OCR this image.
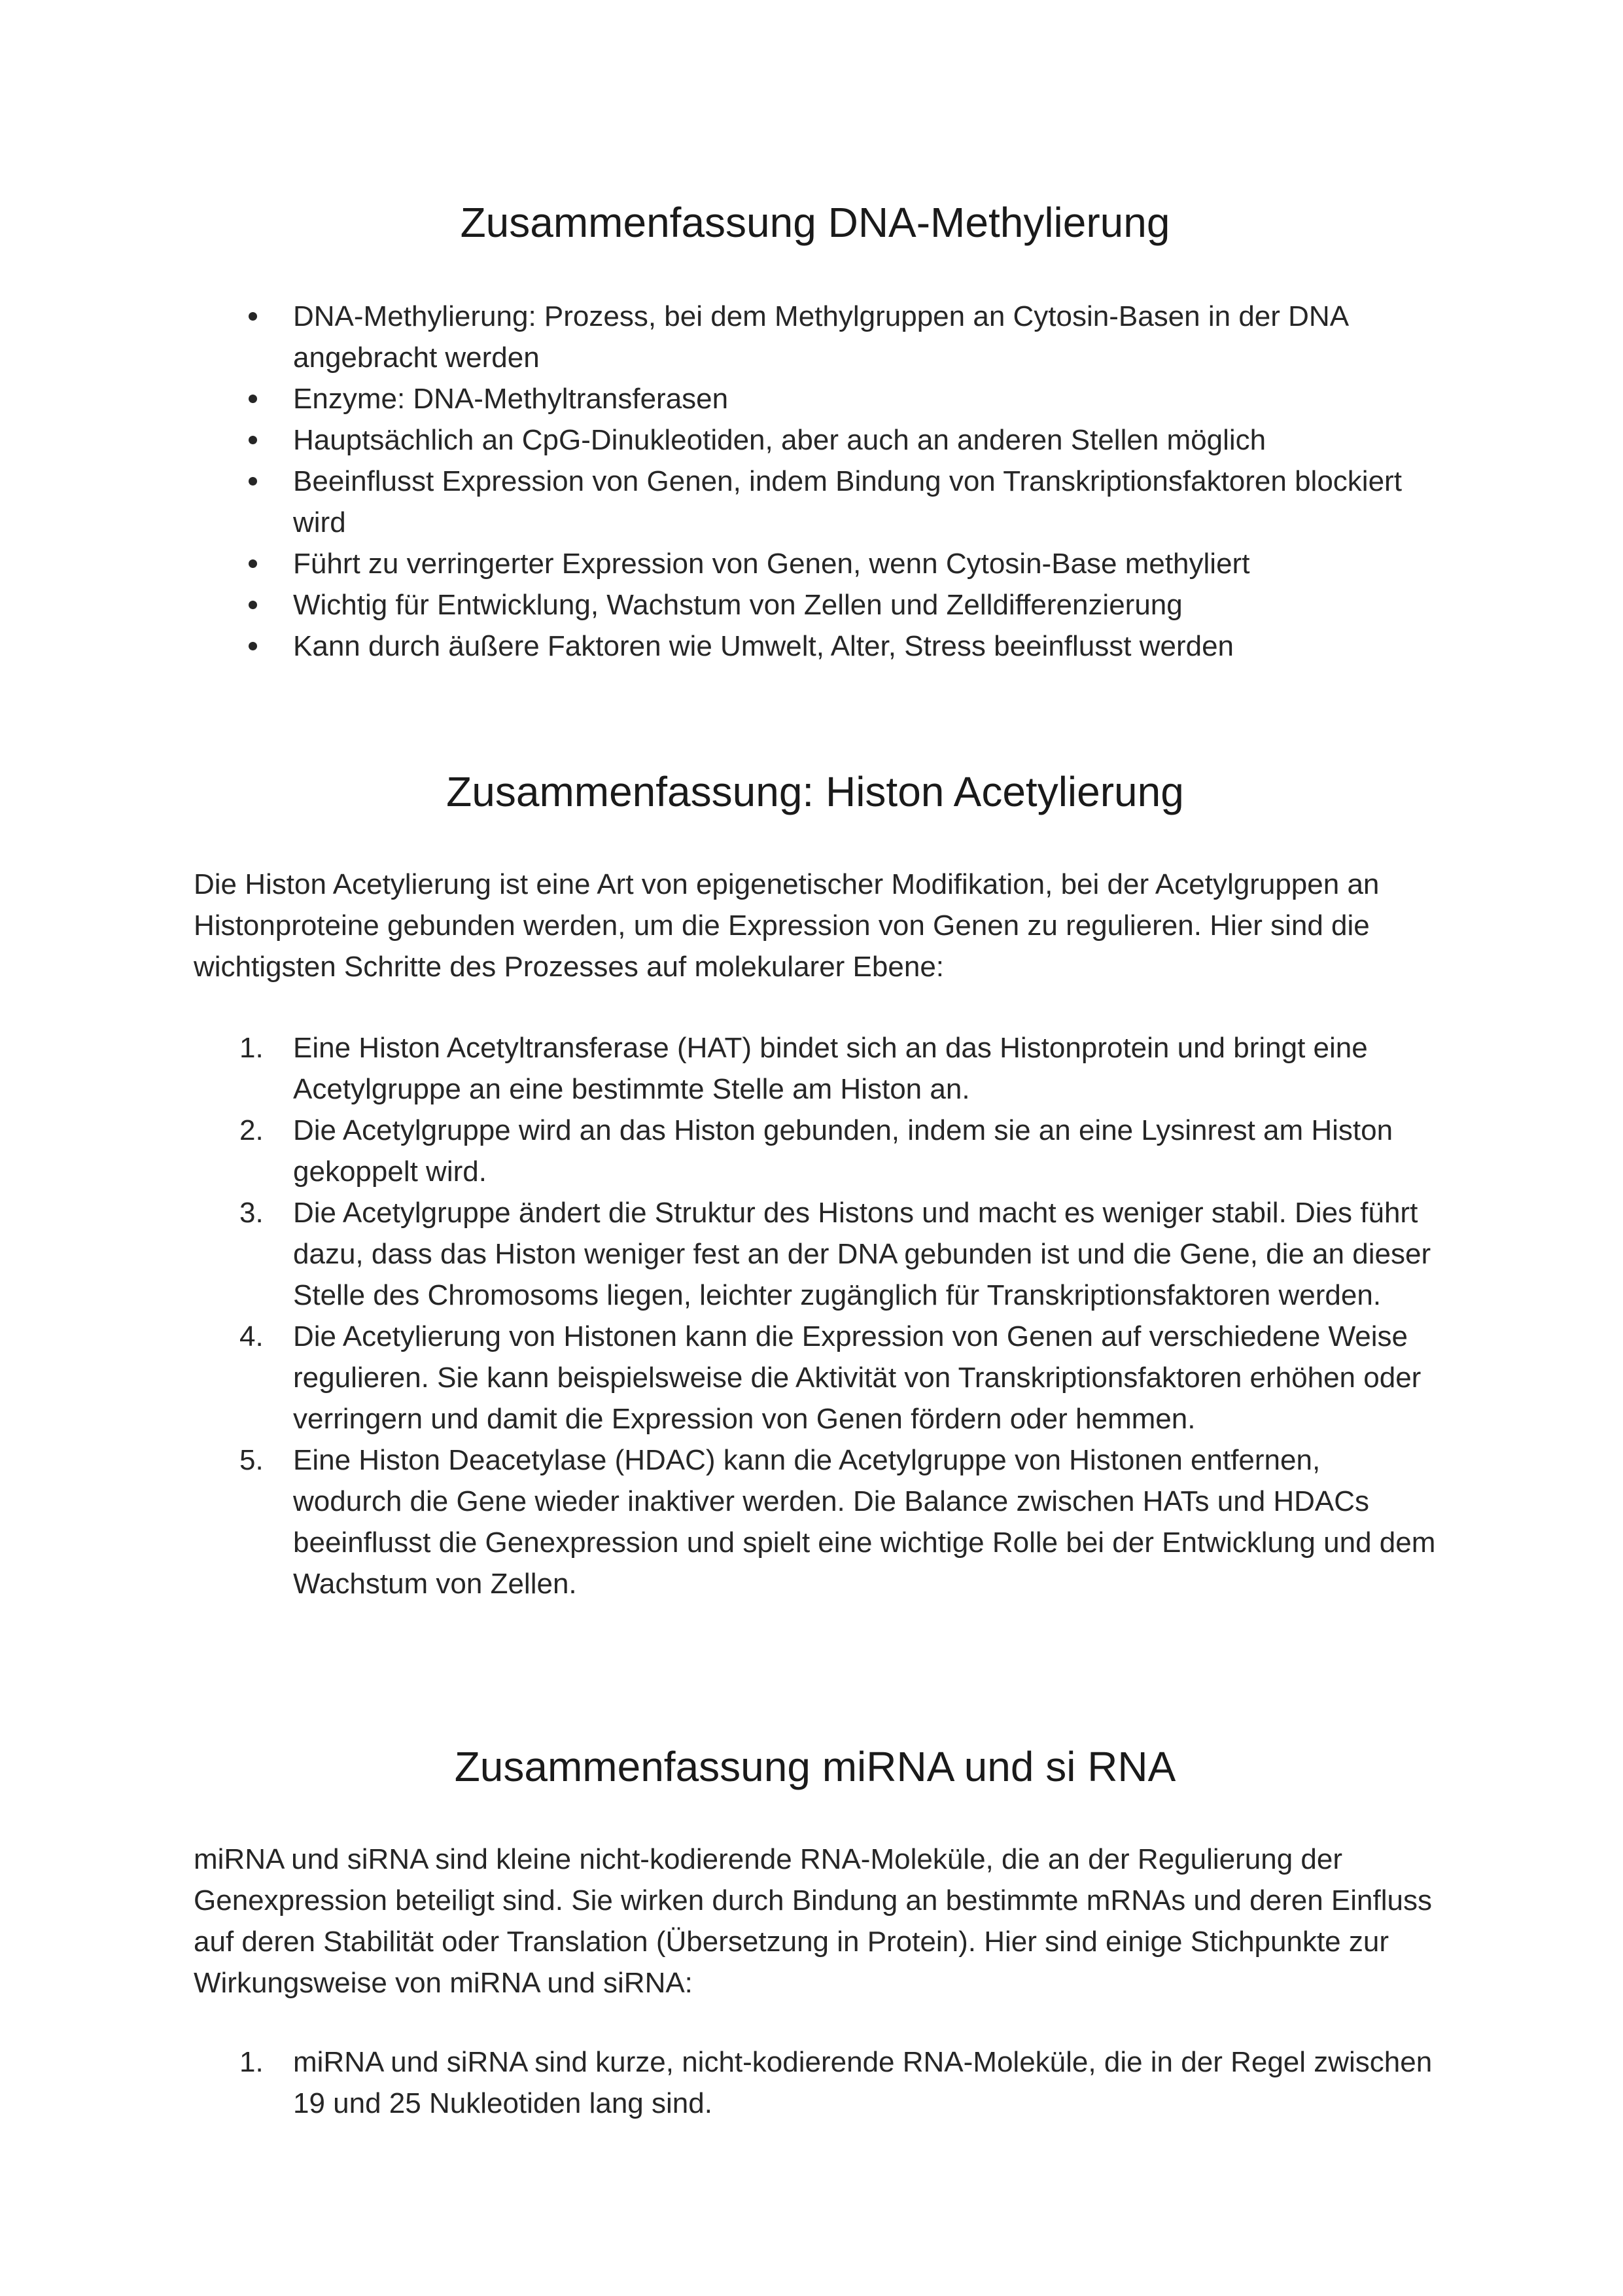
Zusammenfassung DNA-Methylierung
DNA-Methylierung: Prozess, bei dem Methylgruppen an Cytosin-Basen in der DNA angebracht werden
Enzyme: DNA-Methyltransferasen
Hauptsächlich an CpG-Dinukleotiden, aber auch an anderen Stellen möglich
Beeinflusst Expression von Genen, indem Bindung von Transkriptionsfaktoren blockiert wird
Führt zu verringerter Expression von Genen, wenn Cytosin-Base methyliert
Wichtig für Entwicklung, Wachstum von Zellen und Zelldifferenzierung
Kann durch äußere Faktoren wie Umwelt, Alter, Stress beeinflusst werden
Zusammenfassung: Histon Acetylierung

Die Histon Acetylierung ist eine Art von epigenetischer Modifikation, bei der Acetylgruppen an Histonproteine gebunden werden, um die Expression von Genen zu regulieren. Hier sind die wichtigsten Schritte des Prozesses auf molekularer Ebene:

1.	Eine Histon Acetyltransferase (HAT) bindet sich an das Histonprotein und bringt eine Acetylgruppe an eine bestimmte Stelle am Histon an.
2.	Die Acetylgruppe wird an das Histon gebunden, indem sie an eine Lysinrest am Histon gekoppelt wird.
3.	Die Acetylgruppe ändert die Struktur des Histons und macht es weniger stabil. Dies führt dazu, dass das Histon weniger fest an der DNA gebunden ist und die Gene, die an dieser Stelle des Chromosoms liegen, leichter zugänglich für Transkriptionsfaktoren werden.
4.	Die Acetylierung von Histonen kann die Expression von Genen auf verschiedene Weise regulieren. Sie kann beispielsweise die Aktivität von Transkriptionsfaktoren erhöhen oder verringern und damit die Expression von Genen fördern oder hemmen.
5.	Eine Histon Deacetylase (HDAC) kann die Acetylgruppe von Histonen entfernen, wodurch die Gene wieder inaktiver werden. Die Balance zwischen HATs und HDACs beeinflusst die Genexpression und spielt eine wichtige Rolle bei der Entwicklung und dem Wachstum von Zellen.
Zusammenfassung miRNA und si RNA

miRNA und siRNA sind kleine nicht-kodierende RNA-Moleküle, die an der Regulierung der Genexpression beteiligt sind. Sie wirken durch Bindung an bestimmte mRNAs und deren Einfluss auf deren Stabilität oder Translation (Übersetzung in Protein). Hier sind einige Stichpunkte zur Wirkungsweise von miRNA und siRNA:

1.	miRNA und siRNA sind kurze, nicht-kodierende RNA-Moleküle, die in der Regel zwischen 19 und 25 Nukleotiden lang sind.
